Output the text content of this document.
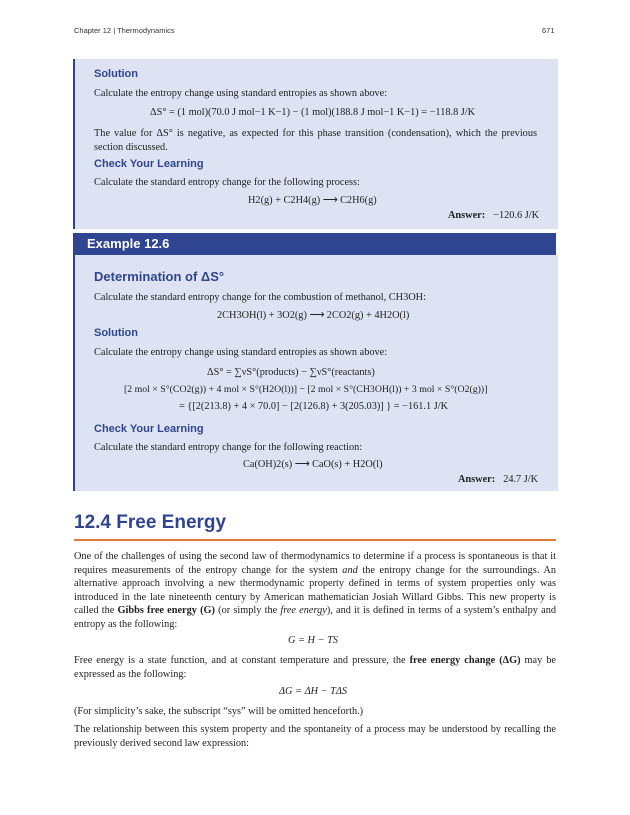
Chapter 12 | Thermodynamics	671
Solution
Calculate the entropy change using standard entropies as shown above:
ΔS° = (1 mol)(70.0 J mol−1 K−1) − (1 mol)(188.8 J mol−1 K−1) = −118.8 J/K
The value for ΔS° is negative, as expected for this phase transition (condensation), which the previous section discussed.
Check Your Learning
Calculate the standard entropy change for the following process:
H2(g) + C2H4(g) ⟶ C2H6(g)
Answer: −120.6 J/K
Example 12.6
Determination of ΔS°
Calculate the standard entropy change for the combustion of methanol, CH3OH:
2CH3OH(l) + 3O2(g) ⟶ 2CO2(g) + 4H2O(l)
Solution
Calculate the entropy change using standard entropies as shown above:
ΔS° = ∑νS°(products) − ∑νS°(reactants)
[2 mol × S°(CO2(g)) + 4 mol × S°(H2O(l))] − [2 mol × S°(CH3OH(l)) + 3 mol × S°(O2(g))]
= {[2(213.8) + 4 × 70.0] − [2(126.8) + 3(205.03)] } = −161.1 J/K
Check Your Learning
Calculate the standard entropy change for the following reaction:
Ca(OH)2(s) ⟶ CaO(s) + H2O(l)
Answer: 24.7 J/K
12.4 Free Energy
One of the challenges of using the second law of thermodynamics to determine if a process is spontaneous is that it requires measurements of the entropy change for the system and the entropy change for the surroundings. An alternative approach involving a new thermodynamic property defined in terms of system properties only was introduced in the late nineteenth century by American mathematician Josiah Willard Gibbs. This new property is called the Gibbs free energy (G) (or simply the free energy), and it is defined in terms of a system’s enthalpy and entropy as the following:
G = H − TS
Free energy is a state function, and at constant temperature and pressure, the free energy change (ΔG) may be expressed as the following:
ΔG = ΔH − TΔS
(For simplicity’s sake, the subscript “sys” will be omitted henceforth.)
The relationship between this system property and the spontaneity of a process may be understood by recalling the previously derived second law expression:
